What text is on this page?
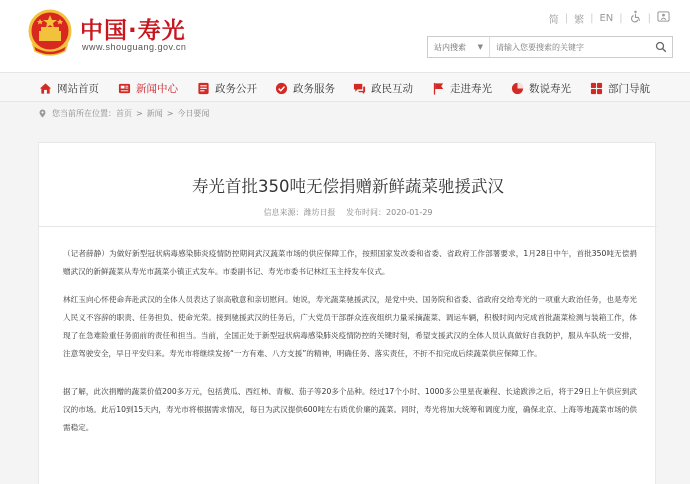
中国·寿光
www.shouguang.gov.cn
简 | 繁 | EN |	|
站内搜索 ▼
请输入您要搜索的关键字
网站首页	新闻中心	政务公开	政务服务	政民互动	走进寿光	数说寿光	部门导航
您当前所在位置： 首页 > 新闻 > 今日要闻
寿光首批350吨无偿捐赠新鲜蔬菜驰援武汉
信息来源：潍坊日报 发布时间：2020-01-29

（记者薛静）为做好新型冠状病毒感染肺炎疫情防控期间武汉蔬菜市场的供应保障工作，按照国家发改委和省委、省政府工作部署要求，1月28日中午，首批350吨无偿捐赠武汉的新鲜蔬菜从寿光市蔬菜小镇正式发车。市委副书记、寿光市委书记林红玉主持发车仪式。

林红玉向心怀使命奔赴武汉的全体人员表达了崇高敬意和亲切慰问。她说，寿光蔬菜驰援武汉，是党中央、国务院和省委、省政府交给寿光的一项重大政治任务，也是寿光人民义不容辞的职责、任务担负、使命光荣。接到驰援武汉的任务后，广大党员干部群众连夜组织力量采摘蔬菜、调运车辆，积极时间内完成首批蔬菜检测与装箱工作，体现了在急难险重任务面前的责任和担当。当前，全国正处于新型冠状病毒感染肺炎疫情防控的关键时刻，希望支援武汉的全体人员认真做好自我防护，服从车队统一安排，注意驾驶安全，早日平安归来。寿光市将继续发扬“一方有难、八方支援”的精神，明确任务、落实责任，不折不扣完成后续蔬菜供应保障工作。

据了解，此次捐赠的蔬菜价值200多万元，包括黄瓜、西红柿、青椒、茄子等20多个品种。经过17个小时、1000多公里星夜兼程、长途跋涉之后，将于29日上午供应到武汉的市场。此后10到15天内，寿光市将根据需求情况，每日为武汉提供600吨左右质优价廉的蔬菜。同时，寿光将加大统筹和调度力度，确保北京、上海等地蔬菜市场的供需稳定。
